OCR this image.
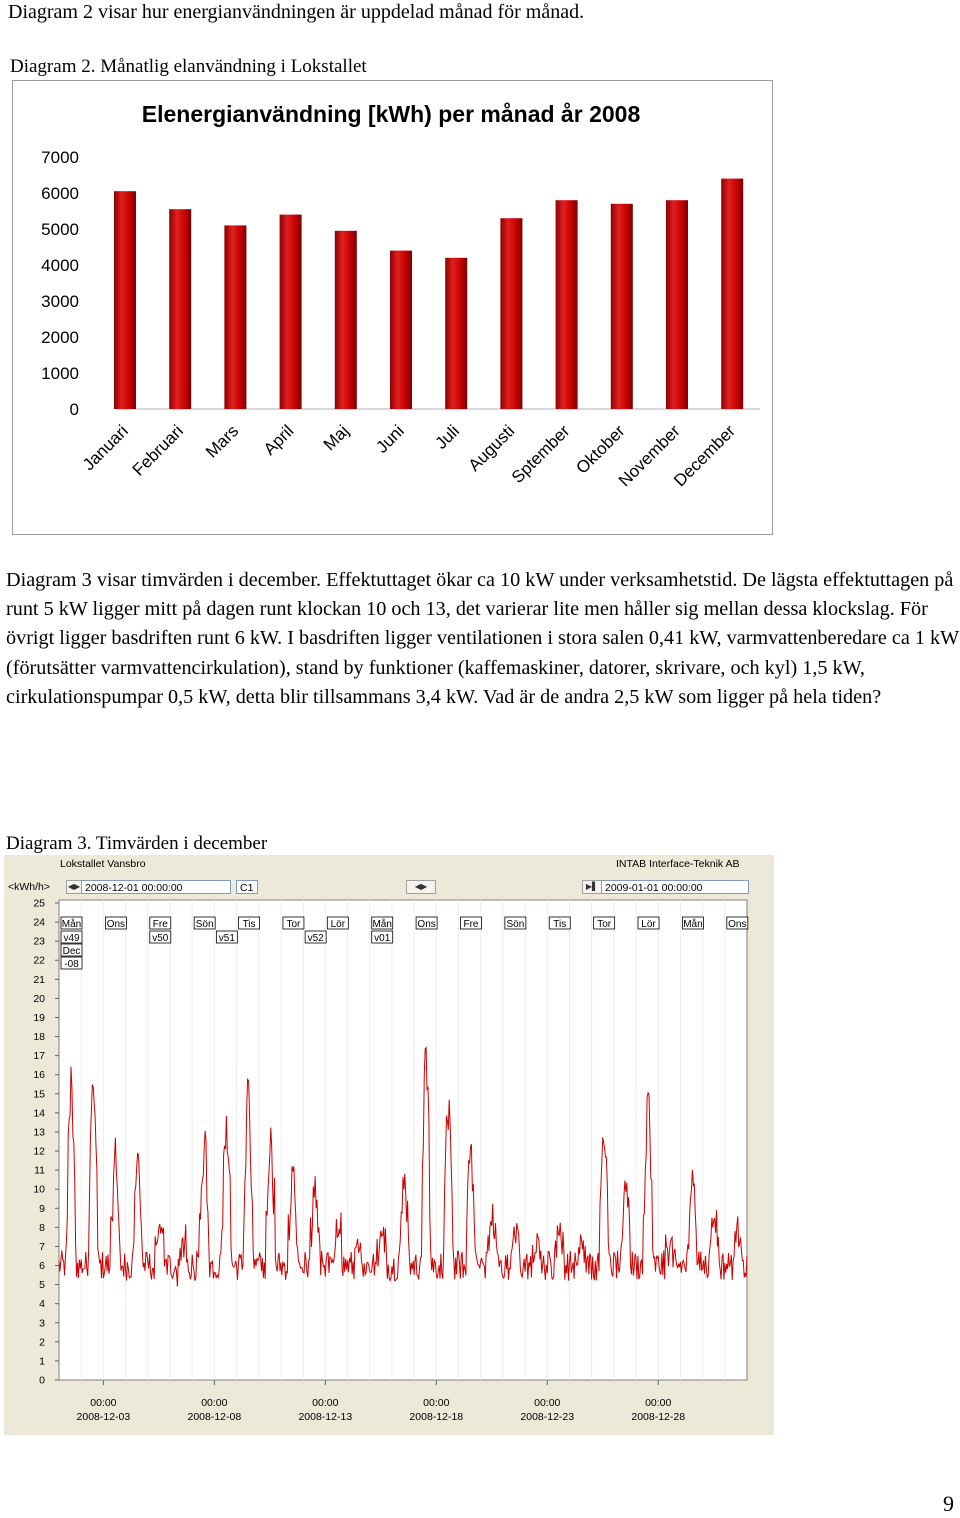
Diagram 2 visar hur energianvändningen är uppdelad månad för månad.
Diagram 2. Månatlig elanvändning i Lokstallet
Elenergianvändning [kWh) per månad år 2008
0
1000
2000
3000
4000
5000
6000
7000
Januari
Februari Mars April Maj Juni Juli Augusti
Sptember
Oktober
November
December
Diagram 3 visar timvärden i december. Effektuttaget ökar ca 10 kW under verksamhetstid. De lägsta effektuttagen på runt 5 kW ligger mitt på dagen runt klockan 10 och 13, det varierar lite men håller sig mellan dessa klockslag. För övrigt ligger basdriften runt 6 kW. I basdriften ligger ventilationen i stora salen 0,41 kW, varmvattenberedare ca 1 kW (förutsätter varmvattencirkulation), stand by funktioner (kaffemaskiner, datorer, skrivare, och kyl) 1,5 kW, cirkulationspumpar 0,5 kW, detta blir tillsammans 3,4 kW. Vad är de andra 2,5 kW som ligger på hela tiden?
Diagram 3. Timvärden i december
Lokstallet Vansbro	INTAB Interface-Teknik AB
<kWh/h> ◀▶ 2008-12-01 00:00:00	C1	◀▶	▶▌ 2009-01-01 00:00:00
0
1
2
3
4
5
6
7
8
9
10
11
12
13
14
15
16
17
18
19
20
21
22
23
24
25
Mån	Ons	Fre	Sön	Tis	Tor	Lör	Mån	Ons	Fre	Sön	Tis	Tor	Lör	Mån	Ons
v49
Dec
-08
v50	v51	v52	v01
00:00
2008-12-03
00:00
2008-12-08
00:00
2008-12-13
00:00
2008-12-18
00:00
2008-12-23
00:00
2008-12-28
9
